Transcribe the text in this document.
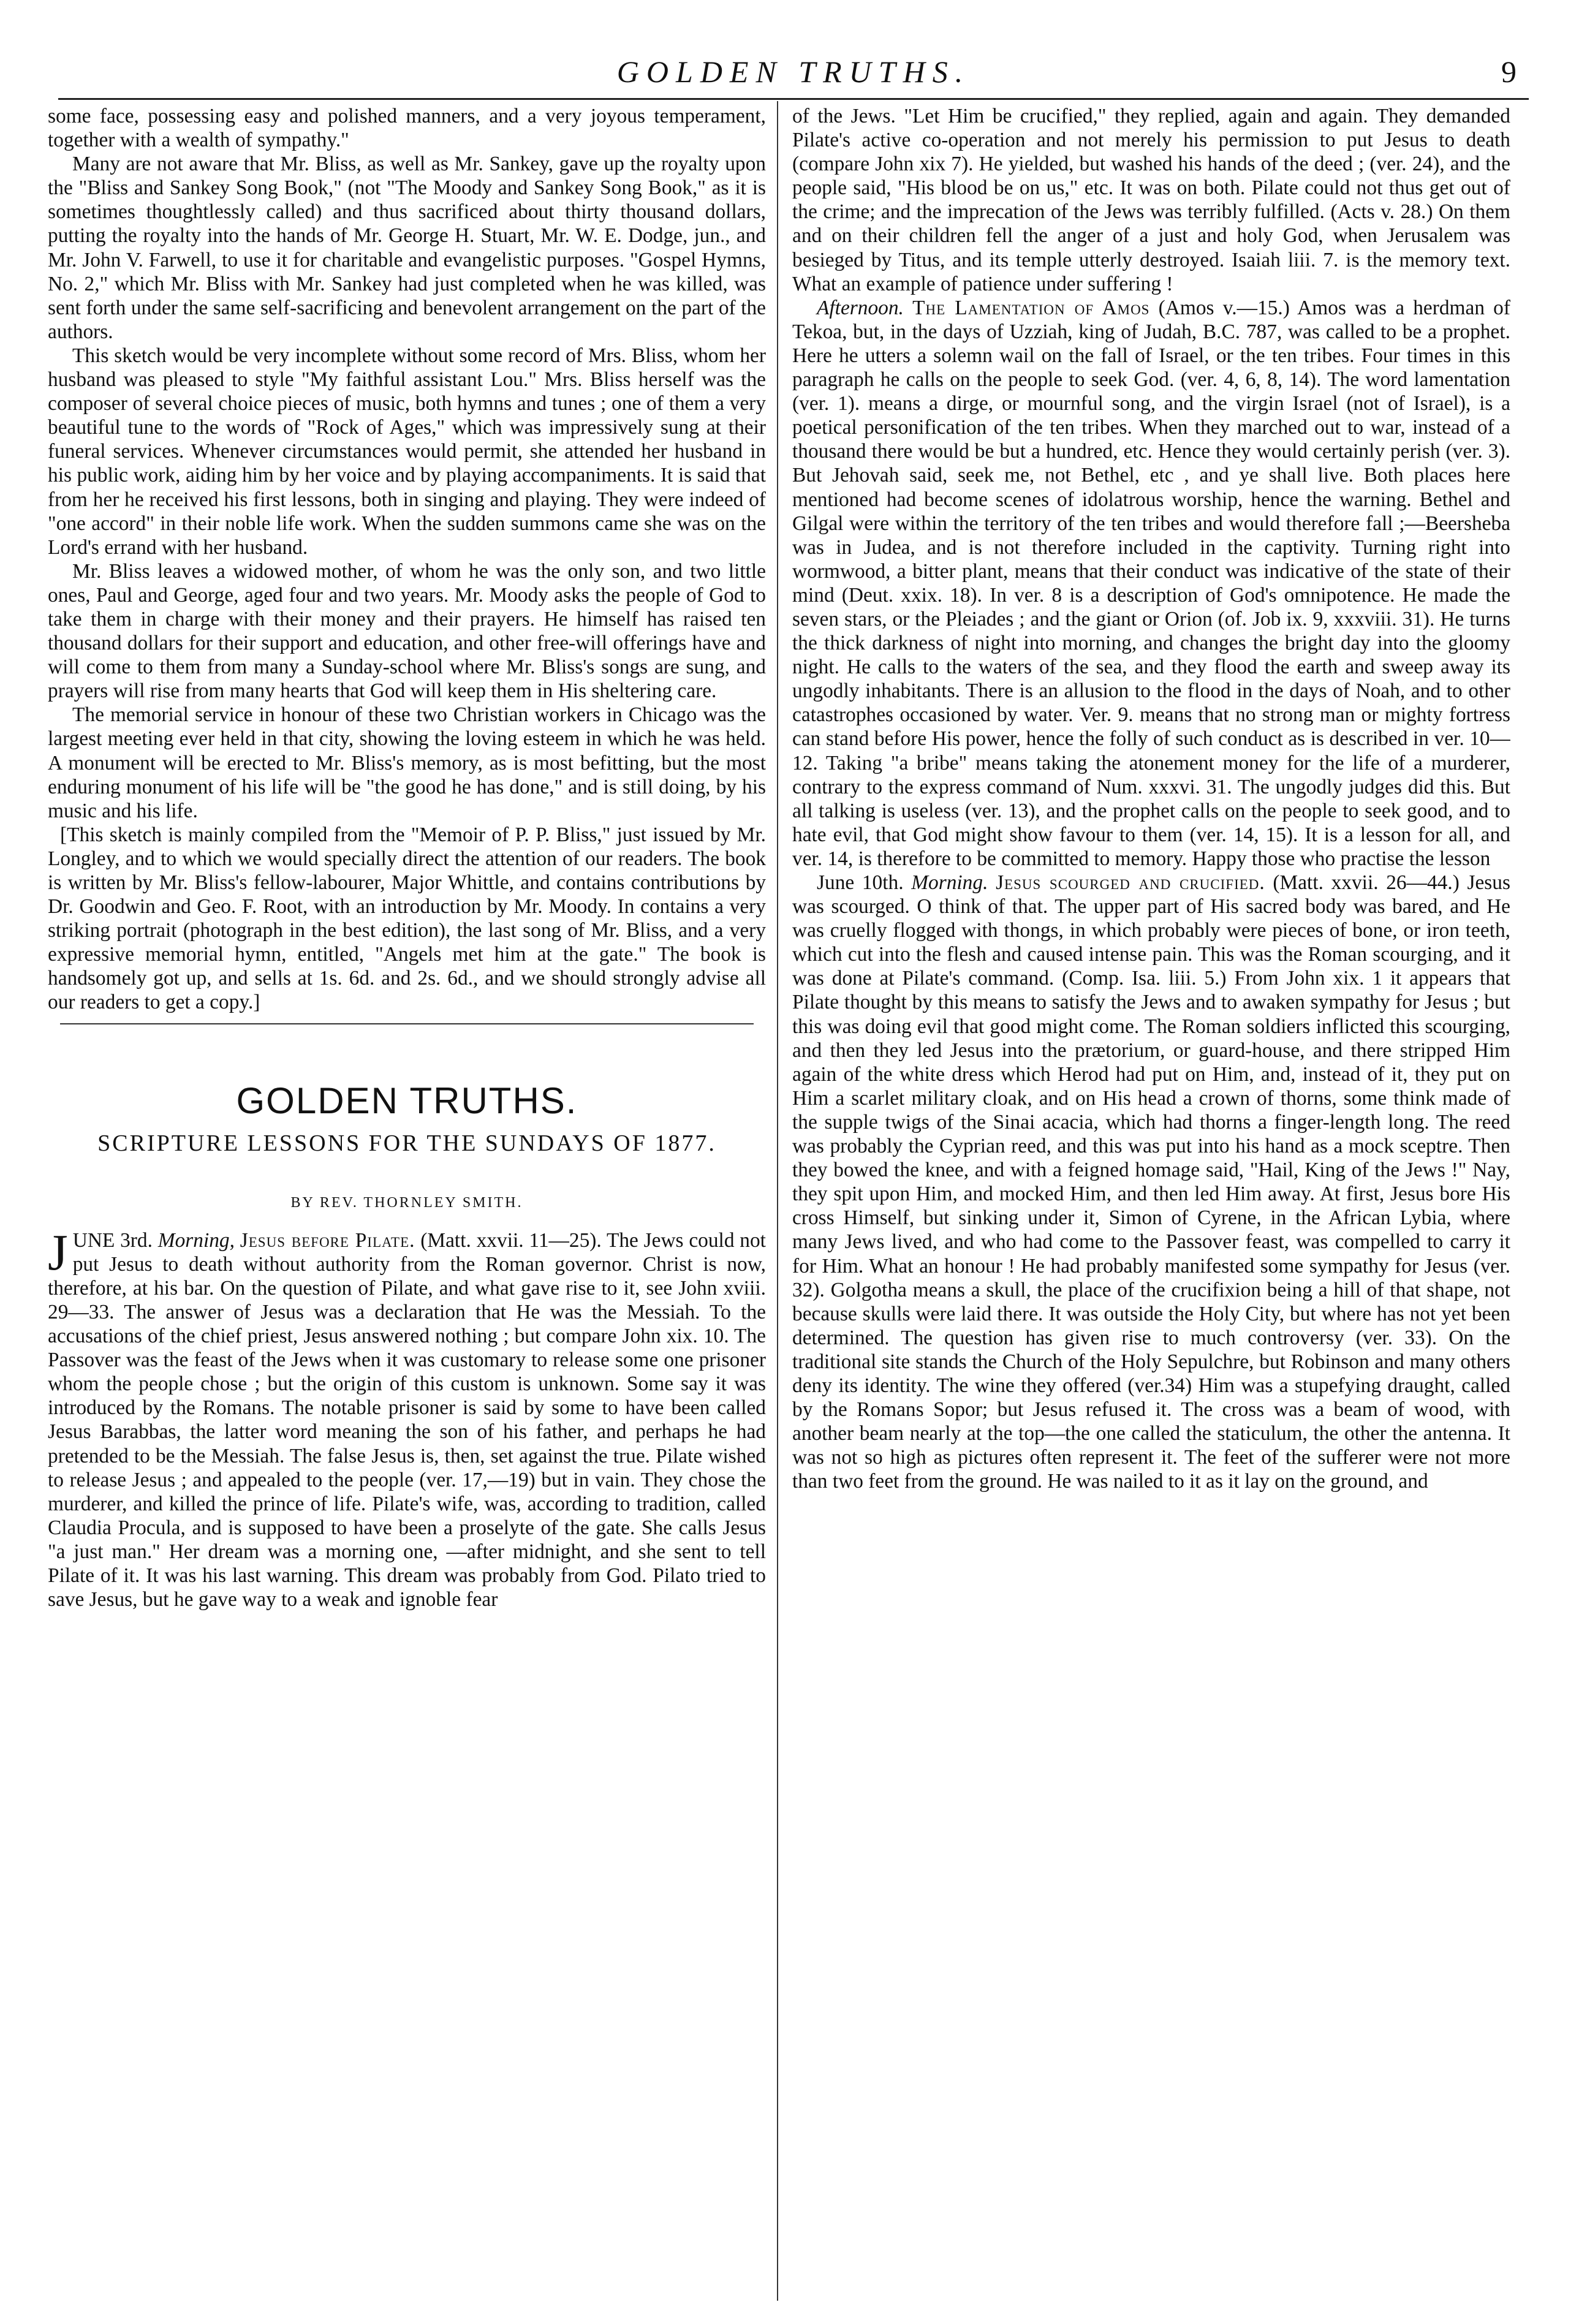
GOLDEN TRUTHS.	9

some face, possessing easy and polished manners, and a very joyous temperament, together with a wealth of sympathy."

Many are not aware that Mr. Bliss, as well as Mr. Sankey, gave up the royalty upon the "Bliss and Sankey Song Book," (not "The Moody and Sankey Song Book," as it is sometimes thoughtlessly called) and thus sacrificed about thirty thousand dollars, putting the royalty into the hands of Mr. George H. Stuart, Mr. W. E. Dodge, jun., and Mr. John V. Farwell, to use it for charitable and evangelistic purposes. "Gospel Hymns, No. 2," which Mr. Bliss with Mr. Sankey had just completed when he was killed, was sent forth under the same self-sacrificing and benevolent arrangement on the part of the authors.

This sketch would be very incomplete without some record of Mrs. Bliss, whom her husband was pleased to style "My faithful assistant Lou." Mrs. Bliss herself was the composer of several choice pieces of music, both hymns and tunes ; one of them a very beautiful tune to the words of "Rock of Ages," which was impressively sung at their funeral services. Whenever circumstances would permit, she attended her husband in his public work, aiding him by her voice and by playing accompaniments. It is said that from her he received his first lessons, both in singing and playing. They were indeed of "one accord" in their noble life work. When the sudden summons came she was on the Lord's errand with her husband.

Mr. Bliss leaves a widowed mother, of whom he was the only son, and two little ones, Paul and George, aged four and two years. Mr. Moody asks the people of God to take them in charge with their money and their prayers. He himself has raised ten thousand dollars for their support and education, and other free-will offerings have and will come to them from many a Sunday-school where Mr. Bliss's songs are sung, and prayers will rise from many hearts that God will keep them in His sheltering care.

The memorial service in honour of these two Christian workers in Chicago was the largest meeting ever held in that city, showing the loving esteem in which he was held. A monument will be erected to Mr. Bliss's memory, as is most befitting, but the most enduring monument of his life will be "the good he has done," and is still doing, by his music and his life.

[This sketch is mainly compiled from the "Memoir of P. P. Bliss," just issued by Mr. Longley, and to which we would specially direct the attention of our readers. The book is written by Mr. Bliss's fellow-labourer, Major Whittle, and contains contributions by Dr. Goodwin and Geo. F. Root, with an introduction by Mr. Moody. In contains a very striking portrait (photograph in the best edition), the last song of Mr. Bliss, and a very expressive memorial hymn, entitled, "Angels met him at the gate." The book is handsomely got up, and sells at 1s. 6d. and 2s. 6d., and we should strongly advise all our readers to get a copy.]

GOLDEN TRUTHS.
SCRIPTURE LESSONS FOR THE SUNDAYS OF 1877.
BY REV. THORNLEY SMITH.

JUNE 3rd. Morning, Jesus before Pilate. (Matt. xxvii. 11—25). The Jews could not put Jesus to death without authority from the Roman governor. Christ is now, therefore, at his bar. On the question of Pilate, and what gave rise to it, see John xviii. 29—33. The answer of Jesus was a declaration that He was the Messiah. To the accusations of the chief priest, Jesus answered nothing ; but compare John xix. 10. The Passover was the feast of the Jews when it was customary to release some one prisoner whom the people chose ; but the origin of this custom is unknown. Some say it was introduced by the Romans. The notable prisoner is said by some to have been called Jesus Barabbas, the latter word meaning the son of his father, and perhaps he had pretended to be the Messiah. The false Jesus is, then, set against the true. Pilate wished to release Jesus ; and appealed to the people (ver. 17,—19) but in vain. They chose the murderer, and killed the prince of life. Pilate's wife, was, according to tradition, called Claudia Procula, and is supposed to have been a proselyte of the gate. She calls Jesus "a just man." Her dream was a morning one, —after midnight, and she sent to tell Pilate of it. It was his last warning. This dream was probably from God. Pilato tried to save Jesus, but he gave way to a weak and ignoble fear

of the Jews. "Let Him be crucified," they replied, again and again. They demanded Pilate's active co-operation and not merely his permission to put Jesus to death (compare John xix 7). He yielded, but washed his hands of the deed ; (ver. 24), and the people said, "His blood be on us," etc. It was on both. Pilate could not thus get out of the crime; and the imprecation of the Jews was terribly fulfilled. (Acts v. 28.) On them and on their children fell the anger of a just and holy God, when Jerusalem was besieged by Titus, and its temple utterly destroyed. Isaiah liii. 7. is the memory text. What an example of patience under suffering !

Afternoon. The Lamentation of Amos (Amos v.—15.) Amos was a herdman of Tekoa, but, in the days of Uzziah, king of Judah, B.C. 787, was called to be a prophet. Here he utters a solemn wail on the fall of Israel, or the ten tribes. Four times in this paragraph he calls on the people to seek God. (ver. 4, 6, 8, 14). The word lamentation (ver. 1). means a dirge, or mournful song, and the virgin Israel (not of Israel), is a poetical personification of the ten tribes. When they marched out to war, instead of a thousand there would be but a hundred, etc. Hence they would certainly perish (ver. 3). But Jehovah said, seek me, not Bethel, etc , and ye shall live. Both places here mentioned had become scenes of idolatrous worship, hence the warning. Bethel and Gilgal were within the territory of the ten tribes and would therefore fall ;—Beersheba was in Judea, and is not therefore included in the captivity. Turning right into wormwood, a bitter plant, means that their conduct was indicative of the state of their mind (Deut. xxix. 18). In ver. 8 is a description of God's omnipotence. He made the seven stars, or the Pleiades ; and the giant or Orion (of. Job ix. 9, xxxviii. 31). He turns the thick darkness of night into morning, and changes the bright day into the gloomy night. He calls to the waters of the sea, and they flood the earth and sweep away its ungodly inhabitants. There is an allusion to the flood in the days of Noah, and to other catastrophes occasioned by water. Ver. 9. means that no strong man or mighty fortress can stand before His power, hence the folly of such conduct as is described in ver. 10—12. Taking "a bribe" means taking the atonement money for the life of a murderer, contrary to the express command of Num. xxxvi. 31. The ungodly judges did this. But all talking is useless (ver. 13), and the prophet calls on the people to seek good, and to hate evil, that God might show favour to them (ver. 14, 15). It is a lesson for all, and ver. 14, is therefore to be committed to memory. Happy those who practise the lesson

June 10th. Morning. Jesus scourged and crucified. (Matt. xxvii. 26—44.) Jesus was scourged. O think of that. The upper part of His sacred body was bared, and He was cruelly flogged with thongs, in which probably were pieces of bone, or iron teeth, which cut into the flesh and caused intense pain. This was the Roman scourging, and it was done at Pilate's command. (Comp. Isa. liii. 5.) From John xix. 1 it appears that Pilate thought by this means to satisfy the Jews and to awaken sympathy for Jesus ; but this was doing evil that good might come. The Roman soldiers inflicted this scourging, and then they led Jesus into the prætorium, or guard-house, and there stripped Him again of the white dress which Herod had put on Him, and, instead of it, they put on Him a scarlet military cloak, and on His head a crown of thorns, some think made of the supple twigs of the Sinai acacia, which had thorns a finger-length long. The reed was probably the Cyprian reed, and this was put into his hand as a mock sceptre. Then they bowed the knee, and with a feigned homage said, "Hail, King of the Jews !" Nay, they spit upon Him, and mocked Him, and then led Him away. At first, Jesus bore His cross Himself, but sinking under it, Simon of Cyrene, in the African Lybia, where many Jews lived, and who had come to the Passover feast, was compelled to carry it for Him. What an honour ! He had probably manifested some sympathy for Jesus (ver. 32). Golgotha means a skull, the place of the crucifixion being a hill of that shape, not because skulls were laid there. It was outside the Holy City, but where has not yet been determined. The question has given rise to much controversy (ver. 33). On the traditional site stands the Church of the Holy Sepulchre, but Robinson and many others deny its identity. The wine they offered (ver.34) Him was a stupefying draught, called by the Romans Sopor; but Jesus refused it. The cross was a beam of wood, with another beam nearly at the top—the one called the staticulum, the other the antenna. It was not so high as pictures often represent it. The feet of the sufferer were not more than two feet from the ground. He was nailed to it as it lay on the ground, and
